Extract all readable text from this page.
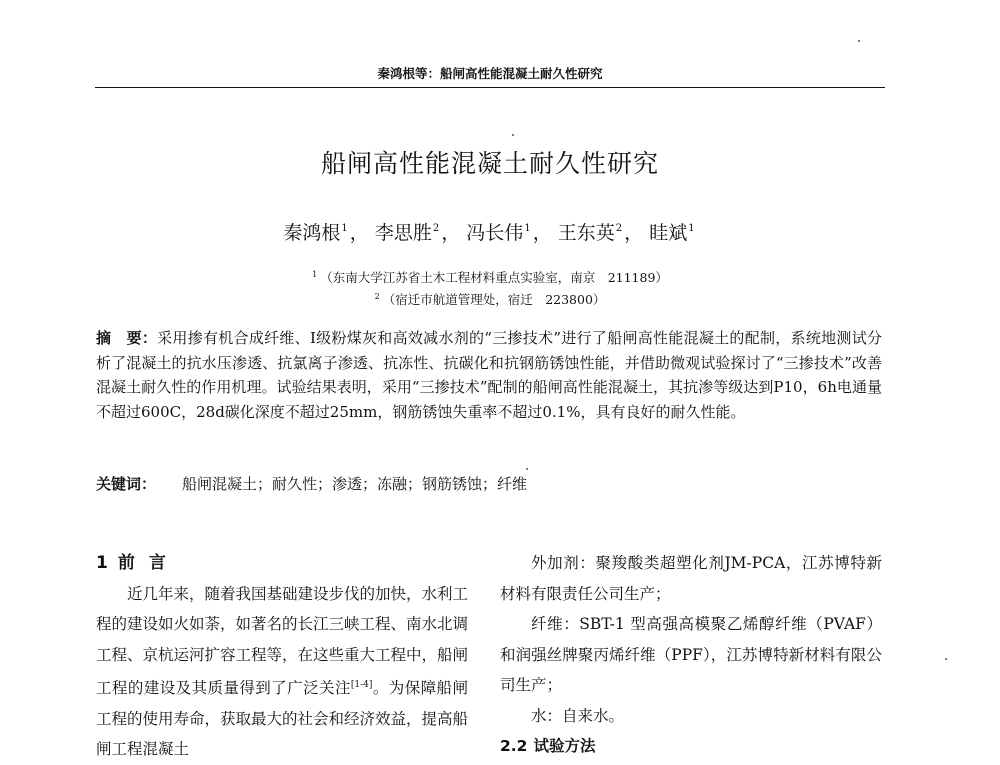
秦鸿根等：船闸高性能混凝土耐久性研究
船闸高性能混凝土耐久性研究
秦鸿根$^1$ ， 李思胜$^2$ ， 冯长伟$^1$ ， 王东英$^2$ ， 眭斌$^1$
$^1$ （东南大学江苏省土木工程材料重点实验室，南京　211189）
$^2$ （宿迁市航道管理处，宿迁　223800）
摘　要：采用掺有机合成纤维、Ⅰ级粉煤灰和高效减水剂的“三掺技术”进行了船闸高性能混凝土的配制，系统地测试分析了混凝土的抗水压渗透、抗氯离子渗透、抗冻性、抗碳化和抗钢筋锈蚀性能，并借助微观试验探讨了“三掺技术”改善混凝土耐久性的作用机理。试验结果表明，采用“三掺技术”配制的船闸高性能混凝土，其抗渗等级达到P10，6h电通量不超过600C，28d碳化深度不超过25mm，钢筋锈蚀失重率不超过0.1%，具有良好的耐久性能。
关键词： 船闸混凝土；耐久性；渗透；冻融；钢筋锈蚀；纤维

1 前言

近几年来，随着我国基础建设步伐的加快，水利工程的建设如火如荼，如著名的长江三峡工程、南水北调工程、京杭运河扩容工程等，在这些重大工程中，船闸工程的建设及其质量得到了广泛关注[1-4]。为保障船闸工程的使用寿命，获取最大的社会和经济效益，提高船闸工程混凝土

外加剂：聚羧酸类超塑化剂JM-PCA，江苏博特新材料有限责任公司生产；

纤维：SBT-1 型高强高模聚乙烯醇纤维（PVAF）和润强丝牌聚丙烯纤维（PPF），江苏博特新材料有限公司生产；

水：自来水。

2.2 试验方法
